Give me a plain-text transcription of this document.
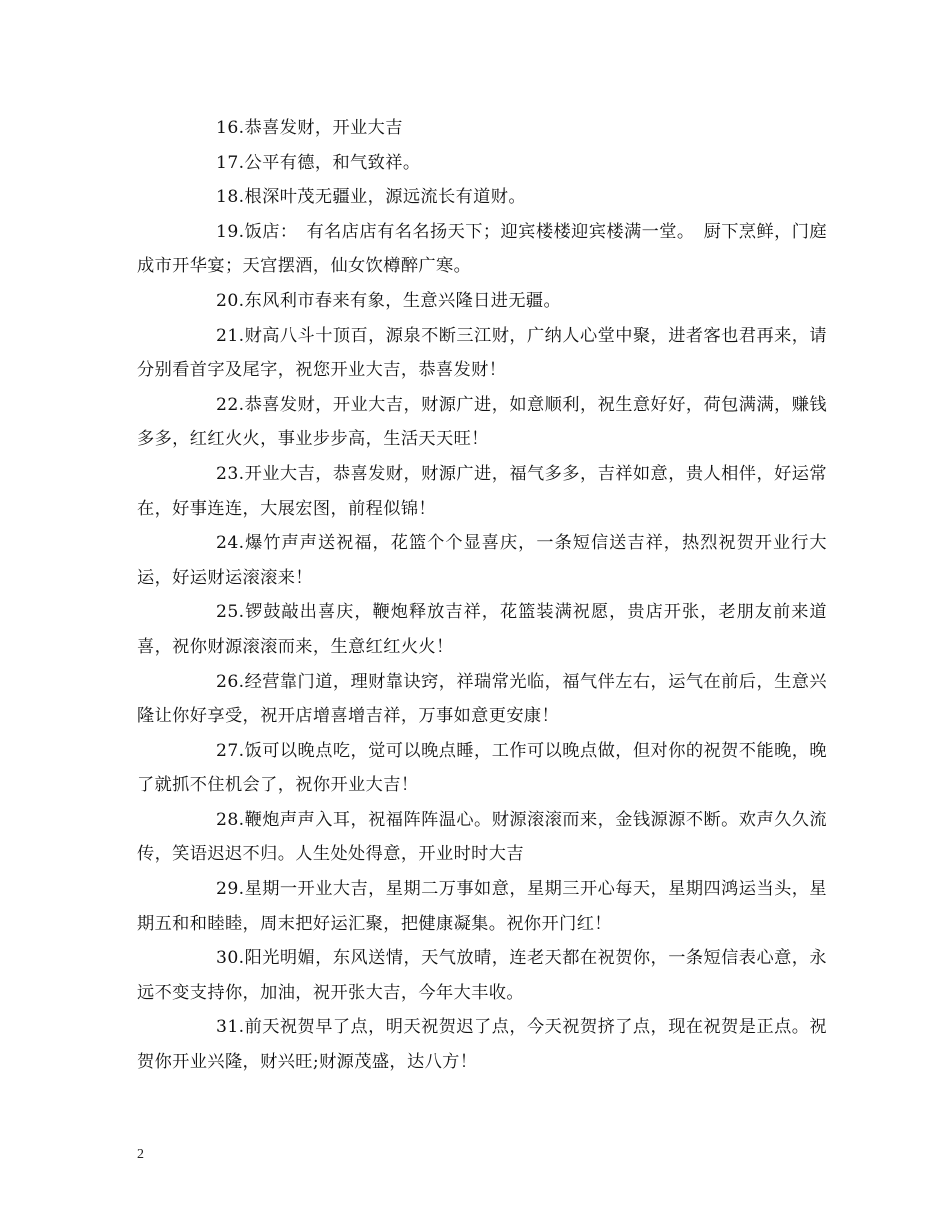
16.恭喜发财，开业大吉

17.公平有德，和气致祥。

18.根深叶茂无疆业，源远流长有道财。

19.饭店：　有名店店有名名扬天下；迎宾楼楼迎宾楼满一堂。　厨下烹鲜，门庭成市开华宴；天宫摆酒，仙女饮樽醉广寒。

20.东风利市春来有象，生意兴隆日进无疆。

21.财高八斗十顶百，源泉不断三江财，广纳人心堂中聚，进者客也君再来，请分别看首字及尾字，祝您开业大吉，恭喜发财！

22.恭喜发财，开业大吉，财源广进，如意顺利，祝生意好好，荷包满满，赚钱多多，红红火火，事业步步高，生活天天旺！

23.开业大吉，恭喜发财，财源广进，福气多多，吉祥如意，贵人相伴，好运常在，好事连连，大展宏图，前程似锦！

24.爆竹声声送祝福，花篮个个显喜庆，一条短信送吉祥，热烈祝贺开业行大运，好运财运滚滚来！

25.锣鼓敲出喜庆，鞭炮释放吉祥，花篮装满祝愿，贵店开张，老朋友前来道喜，祝你财源滚滚而来，生意红红火火！

26.经营靠门道，理财靠诀窍，祥瑞常光临，福气伴左右，运气在前后，生意兴隆让你好享受，祝开店增喜增吉祥，万事如意更安康！

27.饭可以晚点吃，觉可以晚点睡，工作可以晚点做，但对你的祝贺不能晚，晚了就抓不住机会了，祝你开业大吉！

28.鞭炮声声入耳，祝福阵阵温心。财源滚滚而来，金钱源源不断。欢声久久流传，笑语迟迟不归。人生处处得意，开业时时大吉

29.星期一开业大吉，星期二万事如意，星期三开心每天，星期四鸿运当头，星期五和和睦睦，周末把好运汇聚，把健康凝集。祝你开门红！

30.阳光明媚，东风送情，天气放晴，连老天都在祝贺你，一条短信表心意，永远不变支持你，加油，祝开张大吉，今年大丰收。

31.前天祝贺早了点，明天祝贺迟了点，今天祝贺挤了点，现在祝贺是正点。祝贺你开业兴隆，财兴旺;财源茂盛，达八方！

2
